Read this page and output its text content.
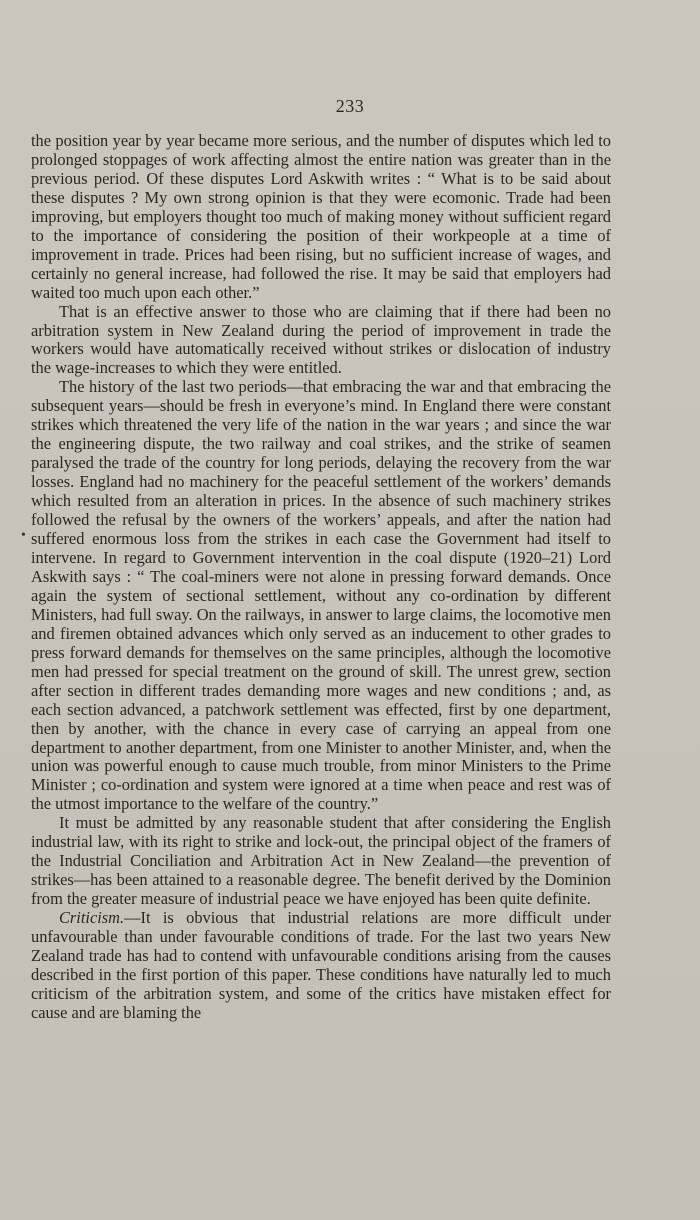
233

the position year by year became more serious, and the number of disputes which led to prolonged stoppages of work affecting almost the entire nation was greater than in the previous period. Of these disputes Lord Askwith writes : “ What is to be said about these disputes ? My own strong opinion is that they were ecomonic. Trade had been improving, but employers thought too much of making money without sufficient regard to the importance of considering the position of their workpeople at a time of improvement in trade. Prices had been rising, but no sufficient increase of wages, and certainly no general increase, had followed the rise. It may be said that employers had waited too much upon each other.”

That is an effective answer to those who are claiming that if there had been no arbitration system in New Zealand during the period of improvement in trade the workers would have automatically received without strikes or dislocation of industry the wage-increases to which they were entitled.

The history of the last two periods—that embracing the war and that embracing the subsequent years—should be fresh in everyone’s mind. In England there were constant strikes which threatened the very life of the nation in the war years ; and since the war the engineering dispute, the two railway and coal strikes, and the strike of seamen paralysed the trade of the country for long periods, delaying the recovery from the war losses. England had no machinery for the peaceful settlement of the workers’ demands which resulted from an alteration in prices. In the absence of such machinery strikes followed the refusal by the owners of the workers’ appeals, and after the nation had suffered enormous loss from the strikes in each case the Government had itself to intervene. In regard to Government intervention in the coal dispute (1920–21) Lord Askwith says : “ The coal-miners were not alone in pressing forward demands. Once again the system of sectional settlement, without any co-ordination by different Ministers, had full sway. On the railways, in answer to large claims, the locomotive men and firemen obtained advances which only served as an inducement to other grades to press forward demands for themselves on the same principles, although the locomotive men had pressed for special treatment on the ground of skill. The unrest grew, section after section in different trades demanding more wages and new conditions ; and, as each section advanced, a patchwork settlement was effected, first by one department, then by another, with the chance in every case of carrying an appeal from one department to another department, from one Minister to another Minister, and, when the union was powerful enough to cause much trouble, from minor Ministers to the Prime Minister ; co-ordination and system were ignored at a time when peace and rest was of the utmost importance to the welfare of the country.”

It must be admitted by any reasonable student that after considering the English industrial law, with its right to strike and lock-out, the principal object of the framers of the Industrial Conciliation and Arbitration Act in New Zealand—the prevention of strikes—has been attained to a reasonable degree. The benefit derived by the Dominion from the greater measure of industrial peace we have enjoyed has been quite definite.

Criticism.—It is obvious that industrial relations are more difficult under unfavourable than under favourable conditions of trade. For the last two years New Zealand trade has had to contend with unfavourable conditions arising from the causes described in the first portion of this paper. These conditions have naturally led to much criticism of the arbitration system, and some of the critics have mistaken effect for cause and are blaming the

•
